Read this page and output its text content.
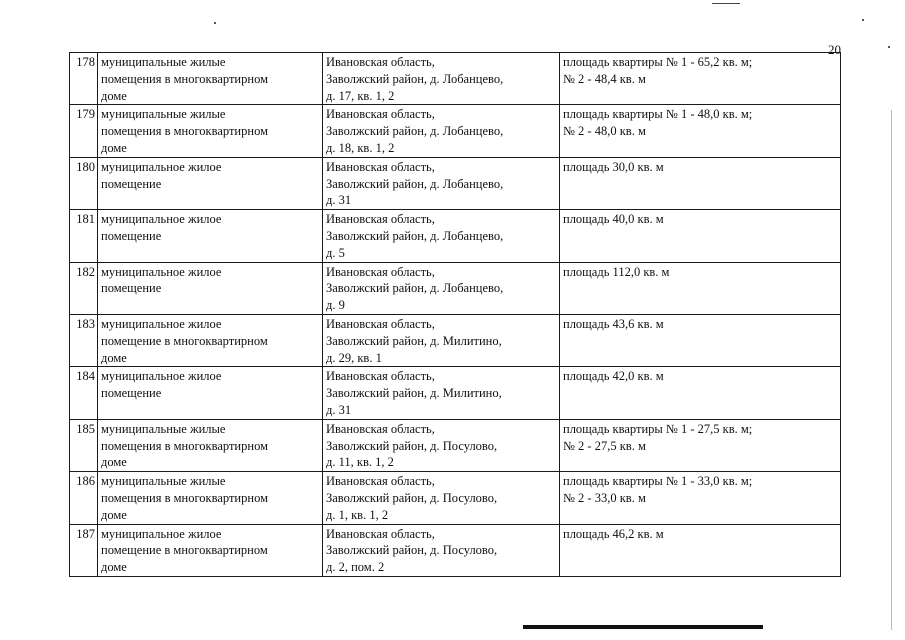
20
178	муниципальные жилые
помещения в многоквартирном
доме	Ивановская область,
Заволжский район, д. Лобанцево,
д. 17, кв. 1, 2	площадь квартиры № 1 - 65,2 кв. м;
№ 2 - 48,4 кв. м

179	муниципальные жилые
помещения в многоквартирном
доме	Ивановская область,
Заволжский район, д. Лобанцево,
д. 18, кв. 1, 2	площадь квартиры № 1 - 48,0 кв. м;
№ 2 - 48,0 кв. м

180	муниципальное жилое
помещение	Ивановская область,
Заволжский район, д. Лобанцево,
д. 31	площадь 30,0 кв. м

181	муниципальное жилое
помещение	Ивановская область,
Заволжский район, д. Лобанцево,
д. 5	площадь 40,0 кв. м

182	муниципальное жилое
помещение	Ивановская область,
Заволжский район, д. Лобанцево,
д. 9	площадь 112,0 кв. м

183	муниципальное жилое
помещение в многоквартирном
доме	Ивановская область,
Заволжский район, д. Милитино,
д. 29, кв. 1	площадь 43,6 кв. м

184	муниципальное жилое
помещение	Ивановская область,
Заволжский район, д. Милитино,
д. 31	площадь 42,0 кв. м

185	муниципальные жилые
помещения в многоквартирном
доме	Ивановская область,
Заволжский район, д. Посулово,
д. 11, кв. 1, 2	площадь квартиры № 1 - 27,5 кв. м;
№ 2 - 27,5 кв. м

186	муниципальные жилые
помещения в многоквартирном
доме	Ивановская область,
Заволжский район, д. Посулово,
д. 1, кв. 1, 2	площадь квартиры № 1 - 33,0 кв. м;
№ 2 - 33,0 кв. м

187	муниципальное жилое
помещение в многоквартирном
доме	Ивановская область,
Заволжский район, д. Посулово,
д. 2, пом. 2	площадь 46,2 кв. м
